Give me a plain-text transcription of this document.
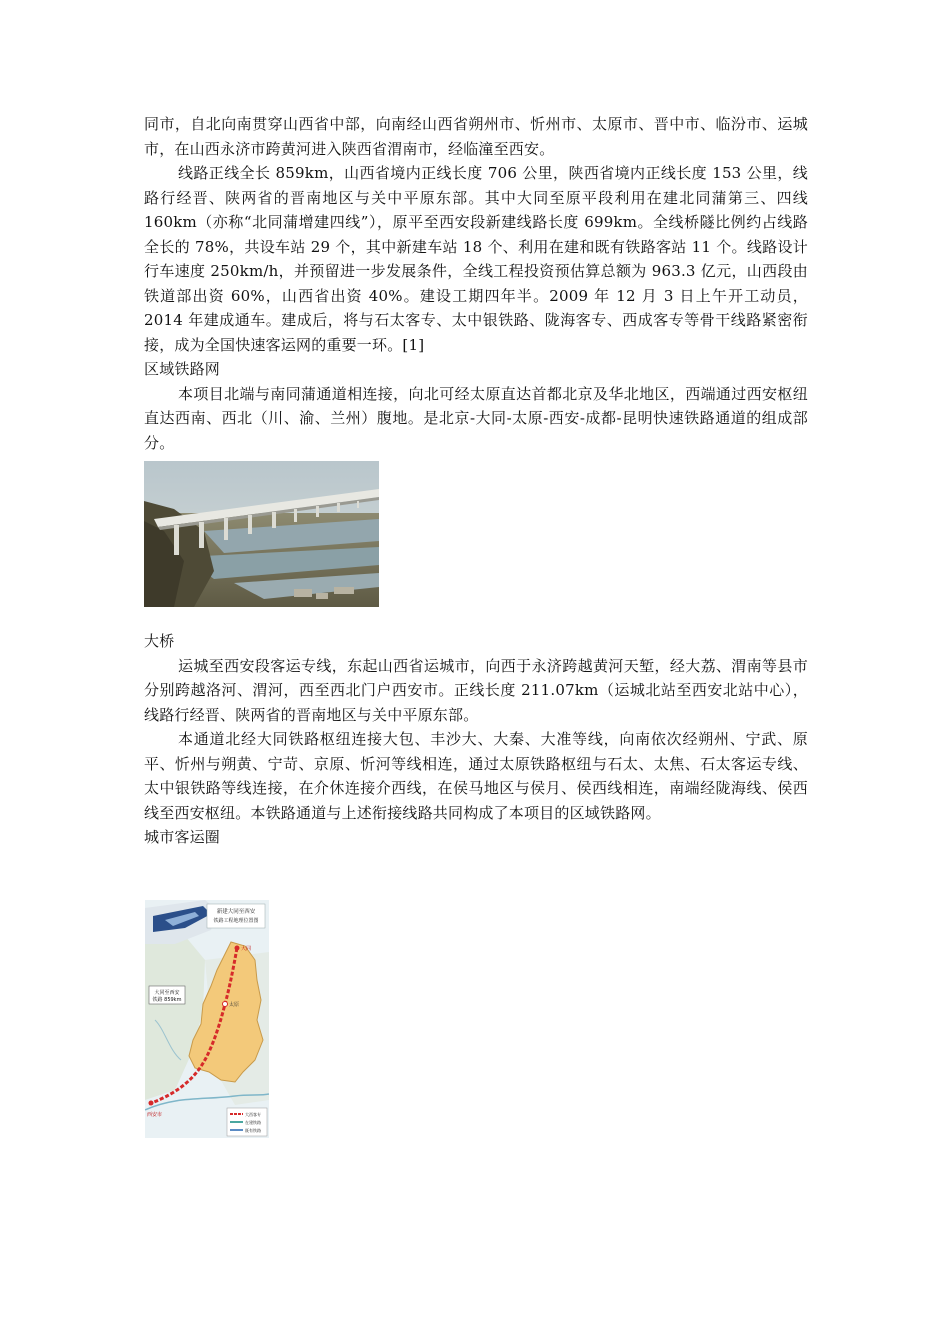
同市，自北向南贯穿山西省中部，向南经山西省朔州市、忻州市、太原市、晋中市、临汾市、运城市，在山西永济市跨黄河进入陕西省渭南市，经临潼至西安。

线路正线全长 859km，山西省境内正线长度 706 公里，陕西省境内正线长度 153 公里，线路行经晋、陕两省的晋南地区与关中平原东部。其中大同至原平段利用在建北同蒲第三、四线 160km（亦称“北同蒲增建四线”），原平至西安段新建线路长度 699km。全线桥隧比例约占线路全长的 78%，共设车站 29 个，其中新建车站 18 个、利用在建和既有铁路客站 11 个。线路设计行车速度 250km/h，并预留进一步发展条件，全线工程投资预估算总额为 963.3 亿元，山西段由铁道部出资 60%，山西省出资 40%。建设工期四年半。2009 年 12 月 3 日上午开工动员，2014 年建成通车。建成后，将与石太客专、太中银铁路、陇海客专、西成客专等骨干线路紧密衔接，成为全国快速客运网的重要一环。[1]

区域铁路网

本项目北端与南同蒲通道相连接，向北可经太原直达首都北京及华北地区，西端通过西安枢纽直达西南、西北（川、渝、兰州）腹地。是北京-大同-太原-西安-成都-昆明快速铁路通道的组成部分。

大桥

运城至西安段客运专线，东起山西省运城市，向西于永济跨越黄河天堑，经大荔、渭南等县市分别跨越洛河、渭河，西至西北门户西安市。正线长度 211.07km（运城北站至西安北站中心），线路行经晋、陕两省的晋南地区与关中平原东部。

本通道北经大同铁路枢纽连接大包、丰沙大、大秦、大准等线，向南依次经朔州、宁武、原平、忻州与朔黄、宁苛、京原、忻河等线相连，通过太原铁路枢纽与石太、太焦、石太客运专线、太中银铁路等线连接，在介休连接介西线，在侯马地区与侯月、侯西线相连，南端经陇海线、侯西线至西安枢纽。本铁路通道与上述衔接线路共同构成了本项目的区域铁路网。

城市客运圈

新建大同至西安
铁路工程地理位置图
大同
太原
西安市
大同至西安
铁路 859km
大西客专
在建铁路
既有铁路
